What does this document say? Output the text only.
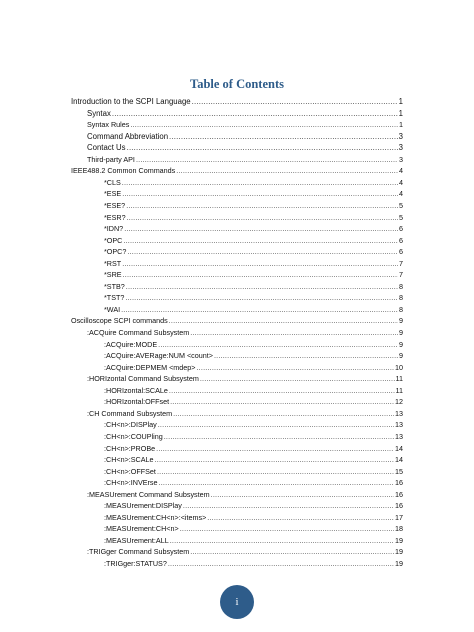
Table of Contents
Introduction to the SCPI Language .....	1
Syntax .....	1
Syntax Rules .....	1
Command Abbreviation .....	3
Contact Us .....	3
Third-party API .....	3
IEEE488.2 Common Commands .....	4
*CLS .....	4
*ESE .....	4
*ESE? .....	5
*ESR? .....	5
*IDN? .....	6
*OPC .....	6
*OPC? .....	6
*RST .....	7
*SRE .....	7
*STB? .....	8
*TST? .....	8
*WAI .....	8
Oscilloscope SCPI commands .....	9
:ACQuire Command Subsystem .....	9
:ACQuire:MODE .....	9
:ACQuire:AVERage:NUM <count> .....	9
:ACQuire:DEPMEM <mdep> .....	10
:HORIzontal Command Subsystem .....	11
:HORIzontal:SCALe .....	11
:HORIzontal:OFFset .....	12
:CH Command Subsystem .....	13
:CH<n>:DISPlay .....	13
:CH<n>:COUPling .....	13
:CH<n>:PROBe .....	14
:CH<n>:SCALe .....	14
:CH<n>:OFFSet .....	15
:CH<n>:INVErse .....	16
:MEASUrement Command Subsystem .....	16
:MEASUrement:DISPlay .....	16
:MEASUrement:CH<n>:<items> .....	17
:MEASUrement:CH<n> .....	18
:MEASUrement:ALL .....	19
:TRIGger Command Subsystem .....	19
:TRIGger:STATUS? .....	19
i
